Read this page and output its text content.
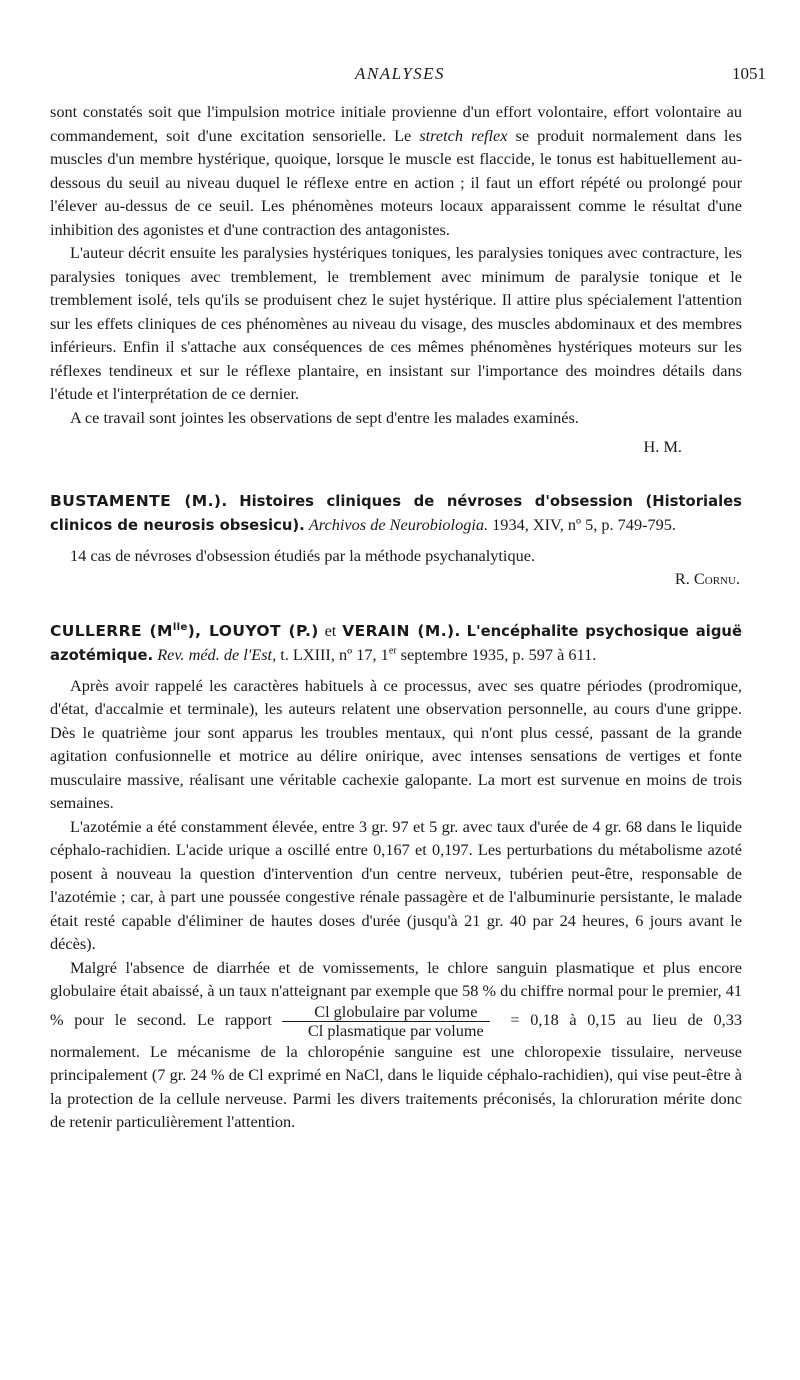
ANALYSES	1051

sont constatés soit que l'impulsion motrice initiale provienne d'un effort volontaire, effort volontaire au commandement, soit d'une excitation sensorielle. Le stretch reflex se produit normalement dans les muscles d'un membre hystérique, quoique, lorsque le muscle est flaccide, le tonus est habituellement au-dessous du seuil au niveau duquel le réflexe entre en action ; il faut un effort répété ou prolongé pour l'élever au-dessus de ce seuil. Les phénomènes moteurs locaux apparaissent comme le résultat d'une inhibition des agonistes et d'une contraction des antagonistes.

L'auteur décrit ensuite les paralysies hystériques toniques, les paralysies toniques avec contracture, les paralysies toniques avec tremblement, le tremblement avec minimum de paralysie tonique et le tremblement isolé, tels qu'ils se produisent chez le sujet hystérique. Il attire plus spécialement l'attention sur les effets cliniques de ces phénomènes au niveau du visage, des muscles abdominaux et des membres inférieurs. Enfin il s'attache aux conséquences de ces mêmes phénomènes hystériques moteurs sur les réflexes tendineux et sur le réflexe plantaire, en insistant sur l'importance des moindres détails dans l'étude et l'interprétation de ce dernier.

A ce travail sont jointes les observations de sept d'entre les malades examinés.

H. M.

BUSTAMENTE (M.). Histoires cliniques de névroses d'obsession (Historiales clinicos de neurosis obsesicu). Archivos de Neurobiologia. 1934, XIV, nº 5, p. 749-795.

14 cas de névroses d'obsession étudiés par la méthode psychanalytique.

R. Cornu.

CULLERRE $(M^{lle})$, LOUYOT (P.) et VERAIN (M.). L'encéphalite psychosique aiguë azotémique. Rev. méd. de l'Est, t. LXIII, nº 17, 1er septembre 1935, p. 597 à 611.

Après avoir rappelé les caractères habituels à ce processus, avec ses quatre périodes (prodromique, d'état, d'accalmie et terminale), les auteurs relatent une observation personnelle, au cours d'une grippe. Dès le quatrième jour sont apparus les troubles mentaux, qui n'ont plus cessé, passant de la grande agitation confusionnelle et motrice au délire onirique, avec intenses sensations de vertiges et fonte musculaire massive, réalisant une véritable cachexie galopante. La mort est survenue en moins de trois semaines.

L'azotémie a été constamment élevée, entre 3 gr. 97 et 5 gr. avec taux d'urée de 4 gr. 68 dans le liquide céphalo-rachidien. L'acide urique a oscillé entre 0,167 et 0,197. Les perturbations du métabolisme azoté posent à nouveau la question d'intervention d'un centre nerveux, tubérien peut-être, responsable de l'azotémie ; car, à part une poussée congestive rénale passagère et de l'albuminurie persistante, le malade était resté capable d'éliminer de hautes doses d'urée (jusqu'à 21 gr. 40 par 24 heures, 6 jours avant le décès).

Malgré l'absence de diarrhée et de vomissements, le chlore sanguin plasmatique et plus encore globulaire était abaissé, à un taux n'atteignant par exemple que 58 % du chiffre normal pour le premier, 41 % pour le second. Le rapport $\frac{\text{Cl globulaire par volume}}{\text{Cl plasmatique par volume}} = 0,18$ à 0,15 au lieu de 0,33 normalement. Le mécanisme de la chloropénie sanguine est une chloropexie tissulaire, nerveuse principalement (7 gr. 24 % de Cl exprimé en NaCl, dans le liquide céphalo-rachidien), qui vise peut-être à la protection de la cellule nerveuse. Parmi les divers traitements préconisés, la chloruration mérite donc de retenir particulièrement l'attention.
